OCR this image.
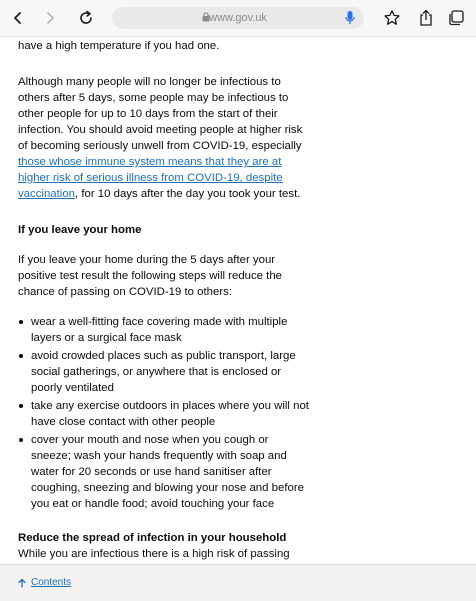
have a high temperature if you had one.

Although many people will no longer be infectious to others after 5 days, some people may be infectious to other people for up to 10 days from the start of their infection. You should avoid meeting people at higher risk of becoming seriously unwell from COVID-19, especially those whose immune system means that they are at higher risk of serious illness from COVID-19, despite vaccination, for 10 days after the day you took your test.

If you leave your home

If you leave your home during the 5 days after your positive test result the following steps will reduce the chance of passing on COVID-19 to others:

wear a well-fitting face covering made with multiple layers or a surgical face mask
avoid crowded places such as public transport, large social gatherings, or anywhere that is enclosed or poorly ventilated
take any exercise outdoors in places where you will not have close contact with other people
cover your mouth and nose when you cough or sneeze; wash your hands frequently with soap and water for 20 seconds or use hand sanitiser after coughing, sneezing and blowing your nose and before you eat or handle food; avoid touching your face
Reduce the spread of infection in your household

While you are infectious there is a high risk of passing

www.gov.uk
Contents
